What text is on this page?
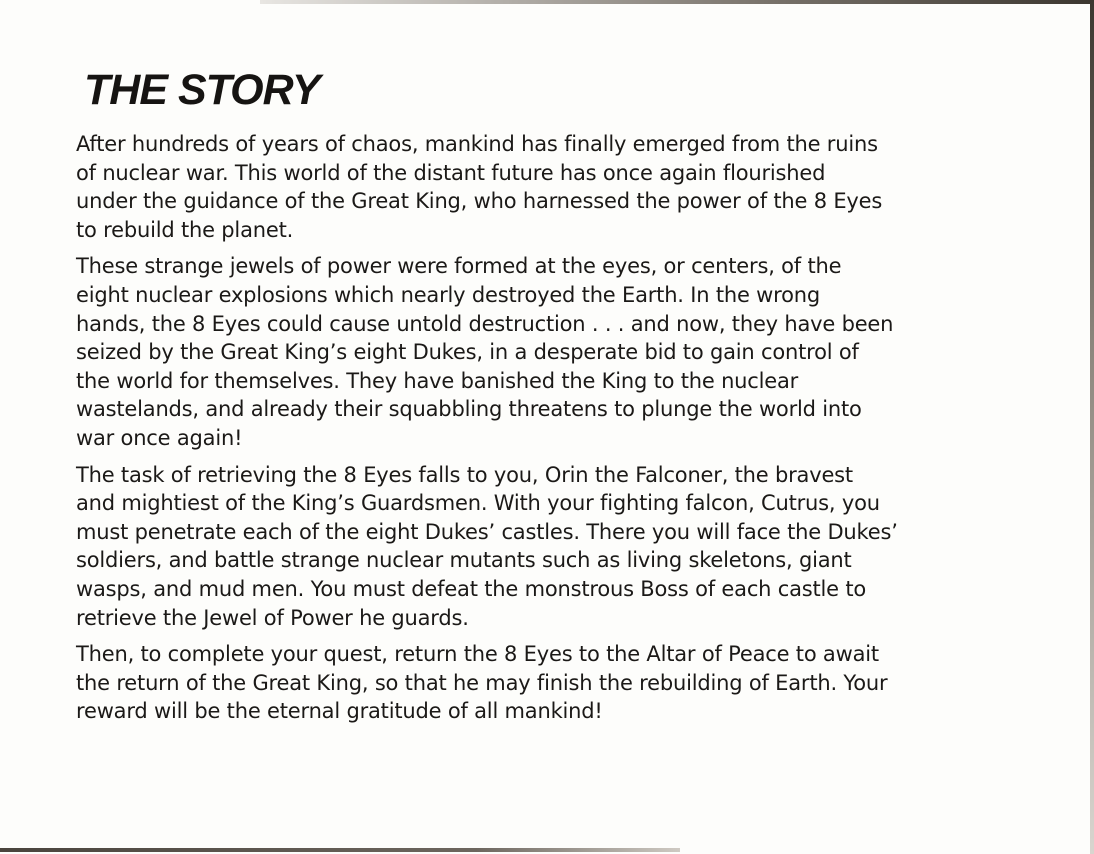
THE STORY

After hundreds of years of chaos, mankind has finally emerged from the ruins
of nuclear war. This world of the distant future has once again flourished
under the guidance of the Great King, who harnessed the power of the 8 Eyes
to rebuild the planet.

These strange jewels of power were formed at the eyes, or centers, of the
eight nuclear explosions which nearly destroyed the Earth. In the wrong
hands, the 8 Eyes could cause untold destruction . . . and now, they have been
seized by the Great King’s eight Dukes, in a desperate bid to gain control of
the world for themselves. They have banished the King to the nuclear
wastelands, and already their squabbling threatens to plunge the world into
war once again!

The task of retrieving the 8 Eyes falls to you, Orin the Falconer, the bravest
and mightiest of the King’s Guardsmen. With your fighting falcon, Cutrus, you
must penetrate each of the eight Dukes’ castles. There you will face the Dukes’
soldiers, and battle strange nuclear mutants such as living skeletons, giant
wasps, and mud men. You must defeat the monstrous Boss of each castle to
retrieve the Jewel of Power he guards.

Then, to complete your quest, return the 8 Eyes to the Altar of Peace to await
the return of the Great King, so that he may finish the rebuilding of Earth. Your
reward will be the eternal gratitude of all mankind!
